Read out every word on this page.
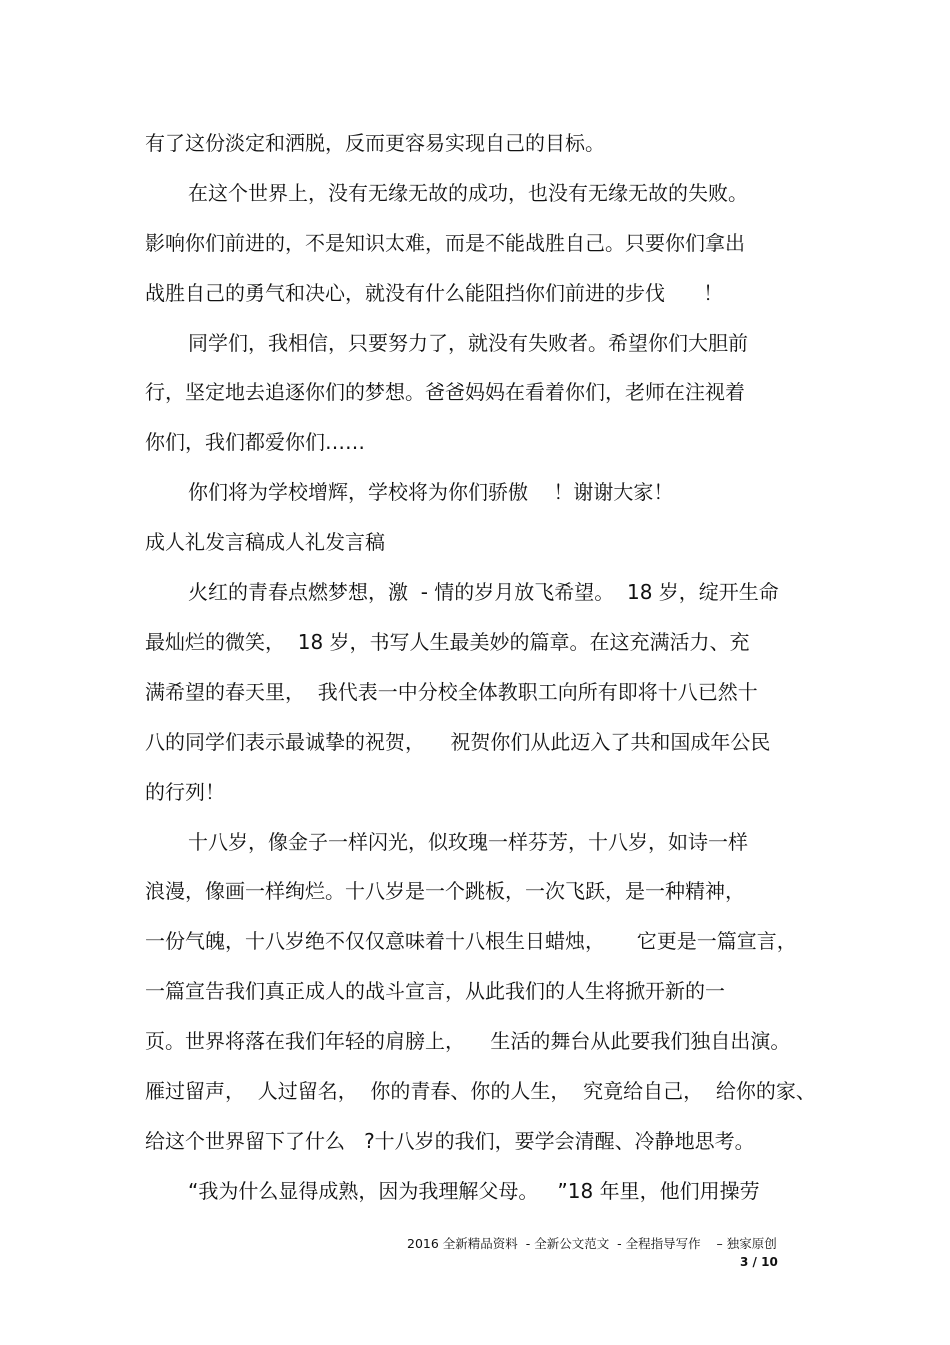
有了这份淡定和洒脱，反而更容易实现自己的目标。

在这个世界上，没有无缘无故的成功，也没有无缘无故的失败。

影响你们前进的，不是知识太难，而是不能战胜自己。只要你们拿出

战胜自己的勇气和决心，就没有什么能阻挡你们前进的步伐      ！

同学们，我相信，只要努力了，就没有失败者。希望你们大胆前

行，坚定地去追逐你们的梦想。爸爸妈妈在看着你们，老师在注视着

你们，我们都爱你们……

你们将为学校增辉，学校将为你们骄傲    ！谢谢大家！

成人礼发言稿成人礼发言稿

火红的青春点燃梦想，激  - 情的岁月放飞希望。  18 岁，绽开生命

最灿烂的微笑，  18 岁，书写人生最美妙的篇章。在这充满活力、充

满希望的春天里，  我代表一中分校全体教职工向所有即将十八已然十

八的同学们表示最诚挚的祝贺，    祝贺你们从此迈入了共和国成年公民

的行列！

十八岁，像金子一样闪光，似玫瑰一样芬芳，十八岁，如诗一样

浪漫，像画一样绚烂。十八岁是一个跳板，一次飞跃，是一种精神，

一份气魄，十八岁绝不仅仅意味着十八根生日蜡烛，     它更是一篇宣言，

一篇宣告我们真正成人的战斗宣言，从此我们的人生将掀开新的一

页。世界将落在我们年轻的肩膀上，    生活的舞台从此要我们独自出演。

雁过留声，  人过留名，  你的青春、你的人生，  究竟给自己，  给你的家、

给这个世界留下了什么   ?十八岁的我们，要学会清醒、冷静地思考。

“我为什么显得成熟，因为我理解父母。   ”18 年里，他们用操劳

2016 全新精品资料  - 全新公文范文  - 全程指导写作    – 独家原创
3 / 10
